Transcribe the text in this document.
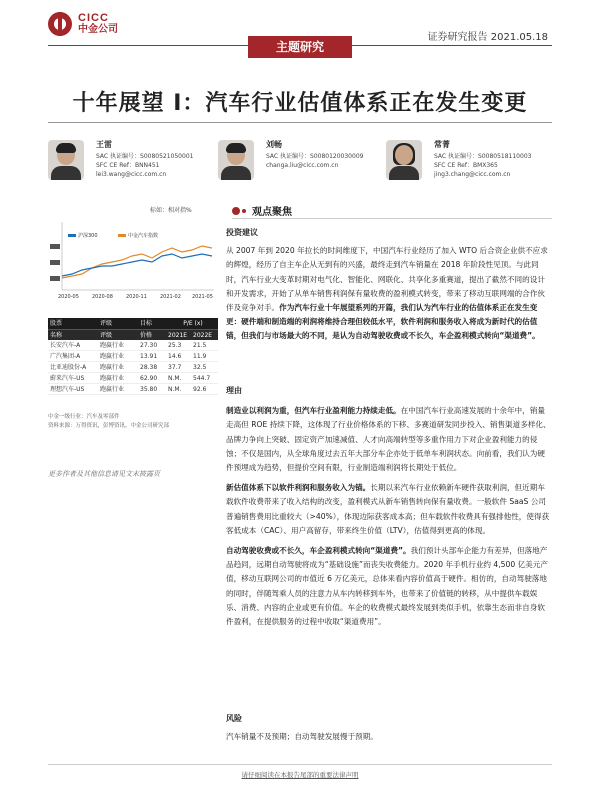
CICC
中金公司
证券研究报告 2021.05.18
主题研究
十年展望 I：汽车行业估值体系正在发生变更
王雷
SAC 执证编号：S0080521050001
SFC CE Ref：BNN451
lei3.wang@cicc.com.cn
刘畅
SAC 执证编号：S0080120030009
changa.liu@cicc.com.cn
常菁
SAC 执证编号：S0080518110003
SFC CE Ref：BMX365
jing3.chang@cicc.com.cn
标如：相对指%
沪深300	中金汽车指数
2020-05	2020-08	2020-11	2021-02 2021-05
股票	评级	目标	P/E (x)
名称	评级	价格	2021E 2022E
长安汽车-A	跑赢行业	27.30	25.3	21.5
广汽集团-A	跑赢行业	13.91	14.6	11.9
比亚迪股份-A	跑赢行业	28.38	37.7	32.5
蔚来汽车-US	跑赢行业	62.90	N.M.	544.7
理想汽车-US	跑赢行业	35.80	N.M.	92.6
中金一级行业：汽车及零部件
资料来源：万得资讯，彭博资讯，中金公司研究部
更多作者及其他信息请见文末披露页
观点聚焦
投资建议
从 2007 年到 2020 年拉长的时间维度下，中国汽车行业经历了加入 WTO 后合资企业供不应求的辉煌，经历了自主车企从无到有的兴盛，最终走到汽车销量在 2018 年阶段性见顶。与此同时，汽车行业大变革时期对电气化、智能化、网联化、共享化多重赛道，提出了截然不同的设计和开发需求，开始了从单车销售利润保有量收费的盈利模式转变，带来了移动互联网端的合作伙伴及竞争对手。作为汽车行业十年展望系列的开篇，我们认为汽车行业的估值体系正在发生变更：硬件端和制造端的利润将维持合理但较低水平，软件利润和服务收入将成为新时代的估值锚，但我们与市场最大的不同，是认为自动驾驶收费或不长久，车企盈利模式转向“渠道费”。
理由
制造业以利润为重，但汽车行业盈利能力持续走低。在中国汽车行业高速发展的十余年中，销量走高但 ROE 持续下降，这体现了行业价格体系的下移、多赛道研发同步投入、销售渠道多样化、品牌力争向上突破、固定资产加速减值、人才向高端转型等多重作用力下对企业盈利能力的侵蚀；不仅是国内，从全球角度过去五年大部分车企亦处于低单车利润状态。向前看，我们认为硬件预埋成为趋势，但提价空间有限，行业制造端利润将长期处于低位。
新估值体系下以软件利润和服务收入为锚。长期以来汽车行业依赖新车硬件获取利润，但近期车载软件收费带来了收入结构的改变，盈利模式从新车销售转向保有量收费。一般软件 SaaS 公司普遍销售费用比重较大（>40%），体现边际获客成本高；但车载软件收费具有强排他性，使得获客低成本（CAC）、用户高留存，带来终生价值（LTV），估值得到更高的体现。
自动驾驶收费或不长久，车企盈利模式转向“渠道费”。我们预计头部车企能力有差异，但落地产品趋同，远期自动驾驶将成为“基础设施”而丧失收费能力。2020 年手机行业约 4,500 亿美元产值，移动互联网公司的市值近 6 万亿美元，总体来看内容价值高于硬件。相仿的，自动驾驶落地的同时，伴随驾乘人员的注意力从车内转移到车外，也带来了价值链的转移，从中提供车载娱乐、消费、内容的企业或更有价值。车企的收费模式最终发展到类似手机，依靠生态而非自身软件盈利，在提供服务的过程中收取“渠道费用”。
风险
汽车销量不及预期；自动驾驶发展慢于预期。
请仔细阅读在本报告尾部的重要法律声明
